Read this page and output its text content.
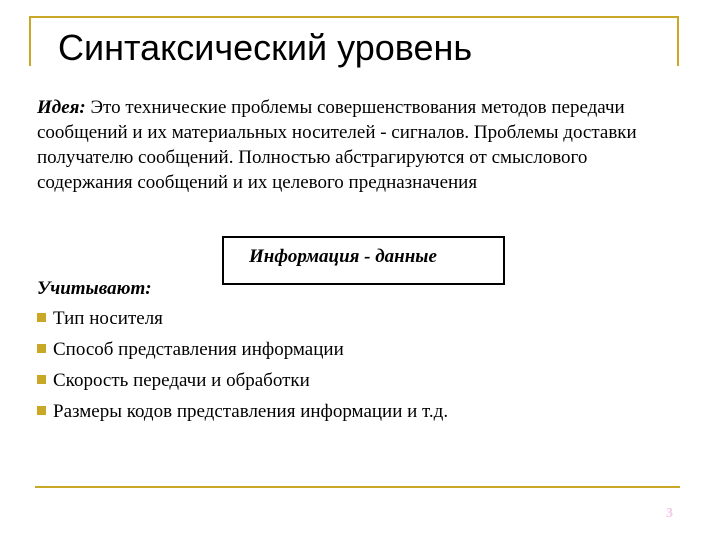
Синтаксический уровень

Идея: Это технические проблемы совершенствования методов передачи сообщений и их материальных носителей - сигналов. Проблемы доставки получателю сообщений. Полностью абстрагируются от смыслового содержания сообщений и их целевого предназначения

Информация - данные

Учитывают:

Тип носителя
Способ представления информации
Скорость передачи и обработки
Размеры кодов представления информации и т.д.
3
